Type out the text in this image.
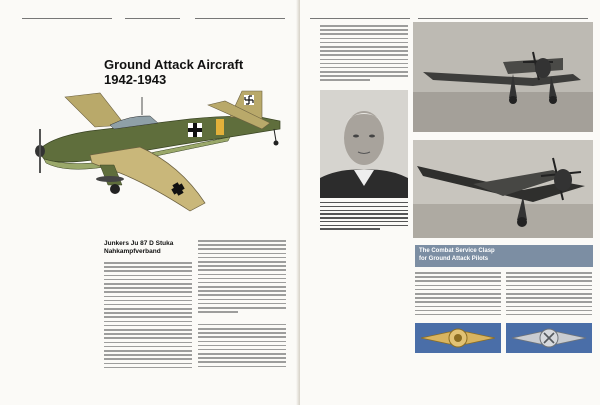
Ground Attack Aircraft
1942-1943
Junkers Ju 87 D Stuka
Nahkampfverband	The Combat Service Clasp
for Ground Attack Pilots
